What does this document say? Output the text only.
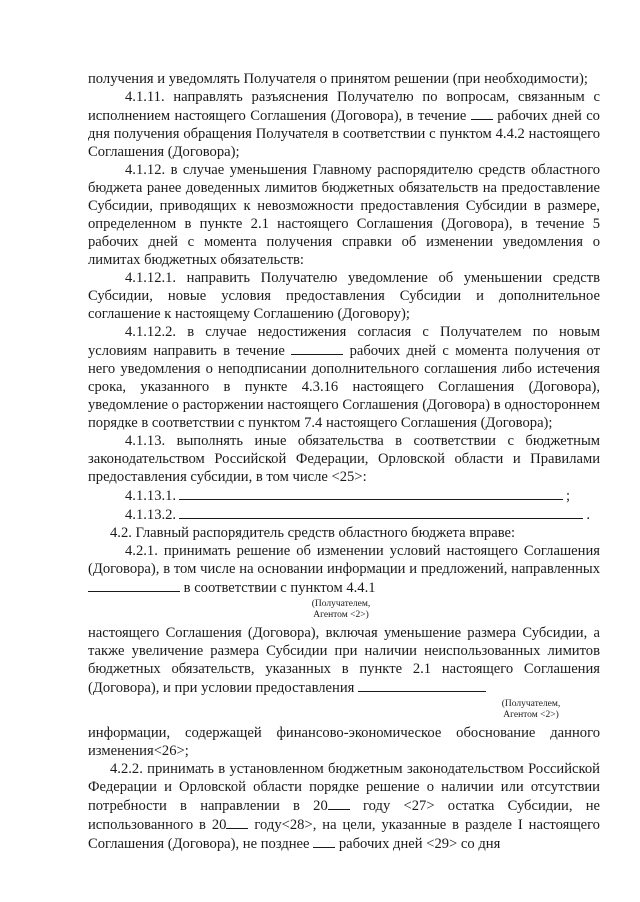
получения и уведомлять Получателя о принятом решении (при необходимости);

4.1.11. направлять разъяснения Получателю по вопросам, связанным с исполнением настоящего Соглашения (Договора), в течение рабочих дней со дня получения обращения Получателя в соответствии с пунктом 4.4.2 настоящего Соглашения (Договора);

4.1.12. в случае уменьшения Главному распорядителю средств областного бюджета ранее доведенных лимитов бюджетных обязательств на предоставление Субсидии, приводящих к невозможности предоставления Субсидии в размере, определенном в пункте 2.1 настоящего Соглашения (Договора), в течение 5 рабочих дней с момента получения справки об изменении уведомления о лимитах бюджетных обязательств:

4.1.12.1. направить Получателю уведомление об уменьшении средств Субсидии, новые условия предоставления Субсидии и дополнительное соглашение к настоящему Соглашению (Договору);

4.1.12.2. в случае недостижения согласия с Получателем по новым условиям направить в течение	рабочих дней с момента получения от него уведомления о неподписании дополнительного соглашения либо истечения срока, указанного в пункте 4.3.16 настоящего Соглашения (Договора), уведомление о расторжении настоящего Соглашения (Договора) в одностороннем порядке в соответствии с пунктом 7.4 настоящего Соглашения (Договора);

4.1.13. выполнять иные обязательства в соответствии с бюджетным законодательством Российской Федерации, Орловской области и Правилами предоставления субсидии, в том числе <25>:

4.1.13.1.	;
4.1.13.2.	.

4.2. Главный распорядитель средств областного бюджета вправе:

4.2.1. принимать решение об изменении условий настоящего Соглашения (Договора), в том числе на основании информации и предложений, направленных  в соответствии с пунктом 4.4.1

(Получателем,
Агентом <2>)

настоящего Соглашения (Договора), включая уменьшение размера Субсидии, а также увеличение размера Субсидии при наличии неиспользованных лимитов бюджетных обязательств, указанных в пункте 2.1 настоящего Соглашения (Договора), и при условии предоставления

(Получателем,
Агентом <2>)

информации, содержащей финансово-экономическое обоснование данного изменения<26>;

4.2.2. принимать в установленном бюджетным законодательством Российской Федерации и Орловской области порядке решение о наличии или отсутствии потребности в направлении в 20 году <27> остатка Субсидии, не использованного в 20 году<28>, на цели, указанные в разделе I настоящего Соглашения (Договора), не позднее рабочих дней <29> со дня
